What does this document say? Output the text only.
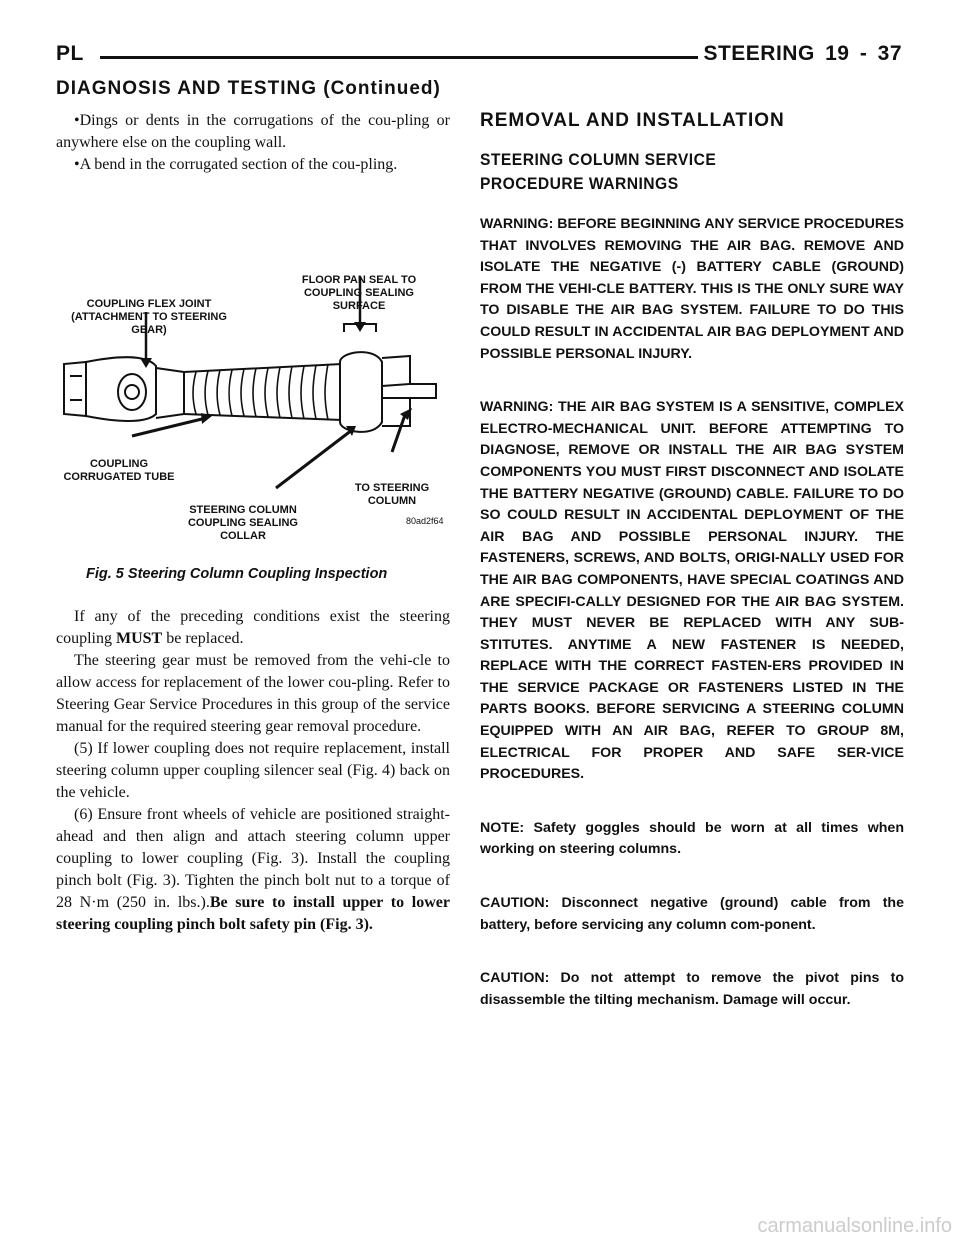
PL	STEERING 19 - 37
DIAGNOSIS AND TESTING (Continued)

•Dings or dents in the corrugations of the cou-pling or anywhere else on the coupling wall.

•A bend in the corrugated section of the cou-pling.

COUPLING FLEX JOINT (ATTACHMENT TO STEERING GEAR)
FLOOR PAN SEAL TO COUPLING SEALING SURFACE
COUPLING CORRUGATED TUBE
STEERING COLUMN COUPLING SEALING COLLAR
TO STEERING COLUMN
80ad2f64
Fig. 5 Steering Column Coupling Inspection

If any of the preceding conditions exist the steering coupling MUST be replaced.

The steering gear must be removed from the vehi-cle to allow access for replacement of the lower cou-pling. Refer to Steering Gear Service Procedures in this group of the service manual for the required steering gear removal procedure.

(5) If lower coupling does not require replacement, install steering column upper coupling silencer seal (Fig. 4) back on the vehicle.

(6) Ensure front wheels of vehicle are positioned straight-ahead and then align and attach steering column upper coupling to lower coupling (Fig. 3). Install the coupling pinch bolt (Fig. 3). Tighten the pinch bolt nut to a torque of 28 N·m (250 in. lbs.).Be sure to install upper to lower steering coupling pinch bolt safety pin (Fig. 3).

REMOVAL AND INSTALLATION
STEERING COLUMN SERVICE PROCEDURE WARNINGS
WARNING: BEFORE BEGINNING ANY SERVICE PROCEDURES THAT INVOLVES REMOVING THE AIR BAG. REMOVE AND ISOLATE THE NEGATIVE (-) BATTERY CABLE (GROUND) FROM THE VEHI-CLE BATTERY. THIS IS THE ONLY SURE WAY TO DISABLE THE AIR BAG SYSTEM. FAILURE TO DO THIS COULD RESULT IN ACCIDENTAL AIR BAG DEPLOYMENT AND POSSIBLE PERSONAL INJURY.
WARNING: THE AIR BAG SYSTEM IS A SENSITIVE, COMPLEX ELECTRO-MECHANICAL UNIT. BEFORE ATTEMPTING TO DIAGNOSE, REMOVE OR INSTALL THE AIR BAG SYSTEM COMPONENTS YOU MUST FIRST DISCONNECT AND ISOLATE THE BATTERY NEGATIVE (GROUND) CABLE. FAILURE TO DO SO COULD RESULT IN ACCIDENTAL DEPLOYMENT OF THE AIR BAG AND POSSIBLE PERSONAL INJURY. THE FASTENERS, SCREWS, AND BOLTS, ORIGI-NALLY USED FOR THE AIR BAG COMPONENTS, HAVE SPECIAL COATINGS AND ARE SPECIFI-CALLY DESIGNED FOR THE AIR BAG SYSTEM. THEY MUST NEVER BE REPLACED WITH ANY SUB-STITUTES. ANYTIME A NEW FASTENER IS NEEDED, REPLACE WITH THE CORRECT FASTEN-ERS PROVIDED IN THE SERVICE PACKAGE OR FASTENERS LISTED IN THE PARTS BOOKS. BEFORE SERVICING A STEERING COLUMN EQUIPPED WITH AN AIR BAG, REFER TO GROUP 8M, ELECTRICAL FOR PROPER AND SAFE SER-VICE PROCEDURES.
NOTE: Safety goggles should be worn at all times when working on steering columns.
CAUTION: Disconnect negative (ground) cable from the battery, before servicing any column com-ponent.
CAUTION: Do not attempt to remove the pivot pins to disassemble the tilting mechanism. Damage will occur.
carmanualsonline.info
